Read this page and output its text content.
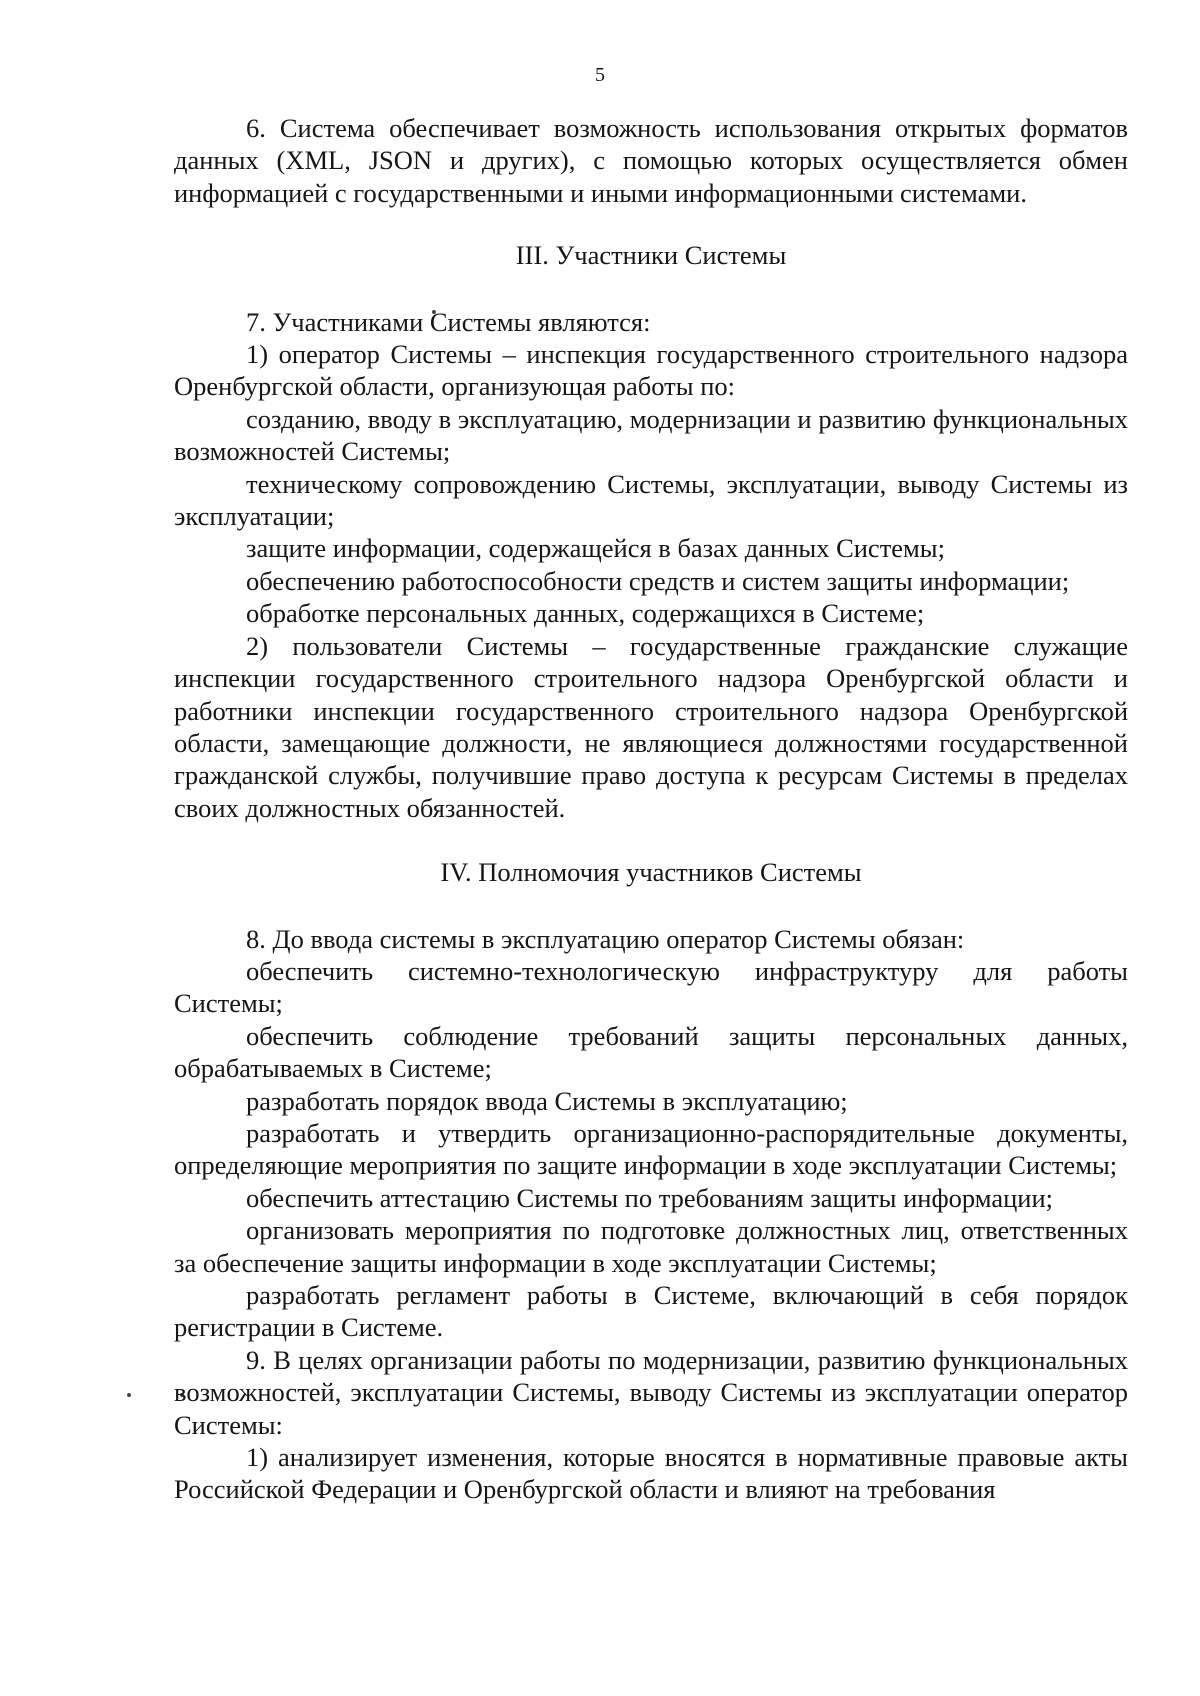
5

6. Система обеспечивает возможность использования открытых форматов данных (XML, JSON и других), с помощью которых осуществляется обмен информацией с государственными и иными информационными системами.

III. Участники Системы

7. Участниками Системы являются:

1) оператор Системы – инспекция государственного строительного надзора Оренбургской области, организующая работы по:

созданию, вводу в эксплуатацию, модернизации и развитию функциональных возможностей Системы;

техническому сопровождению Системы, эксплуатации, выводу Системы из эксплуатации;

защите информации, содержащейся в базах данных Системы;

обеспечению работоспособности средств и систем защиты информации;

обработке персональных данных, содержащихся в Системе;

2) пользователи Системы – государственные гражданские служащие инспекции государственного строительного надзора Оренбургской области и работники инспекции государственного строительного надзора Оренбургской области, замещающие должности, не являющиеся должностями государственной гражданской службы, получившие право доступа к ресурсам Системы в пределах своих должностных обязанностей.

IV. Полномочия участников Системы

8. До ввода системы в эксплуатацию оператор Системы обязан:

обеспечить системно-технологическую инфраструктуру для работы Системы;

обеспечить соблюдение требований защиты персональных данных, обрабатываемых в Системе;

разработать порядок ввода Системы в эксплуатацию;

разработать и утвердить организационно-распорядительные документы, определяющие мероприятия по защите информации в ходе эксплуатации Системы;

обеспечить аттестацию Системы по требованиям защиты информации;

организовать мероприятия по подготовке должностных лиц, ответственных за обеспечение защиты информации в ходе эксплуатации Системы;

разработать регламент работы в Системе, включающий в себя порядок регистрации в Системе.

9. В целях организации работы по модернизации, развитию функциональных возможностей, эксплуатации Системы, выводу Системы из эксплуатации оператор Системы:

1) анализирует изменения, которые вносятся в нормативные правовые акты Российской Федерации и Оренбургской области и влияют на требования
